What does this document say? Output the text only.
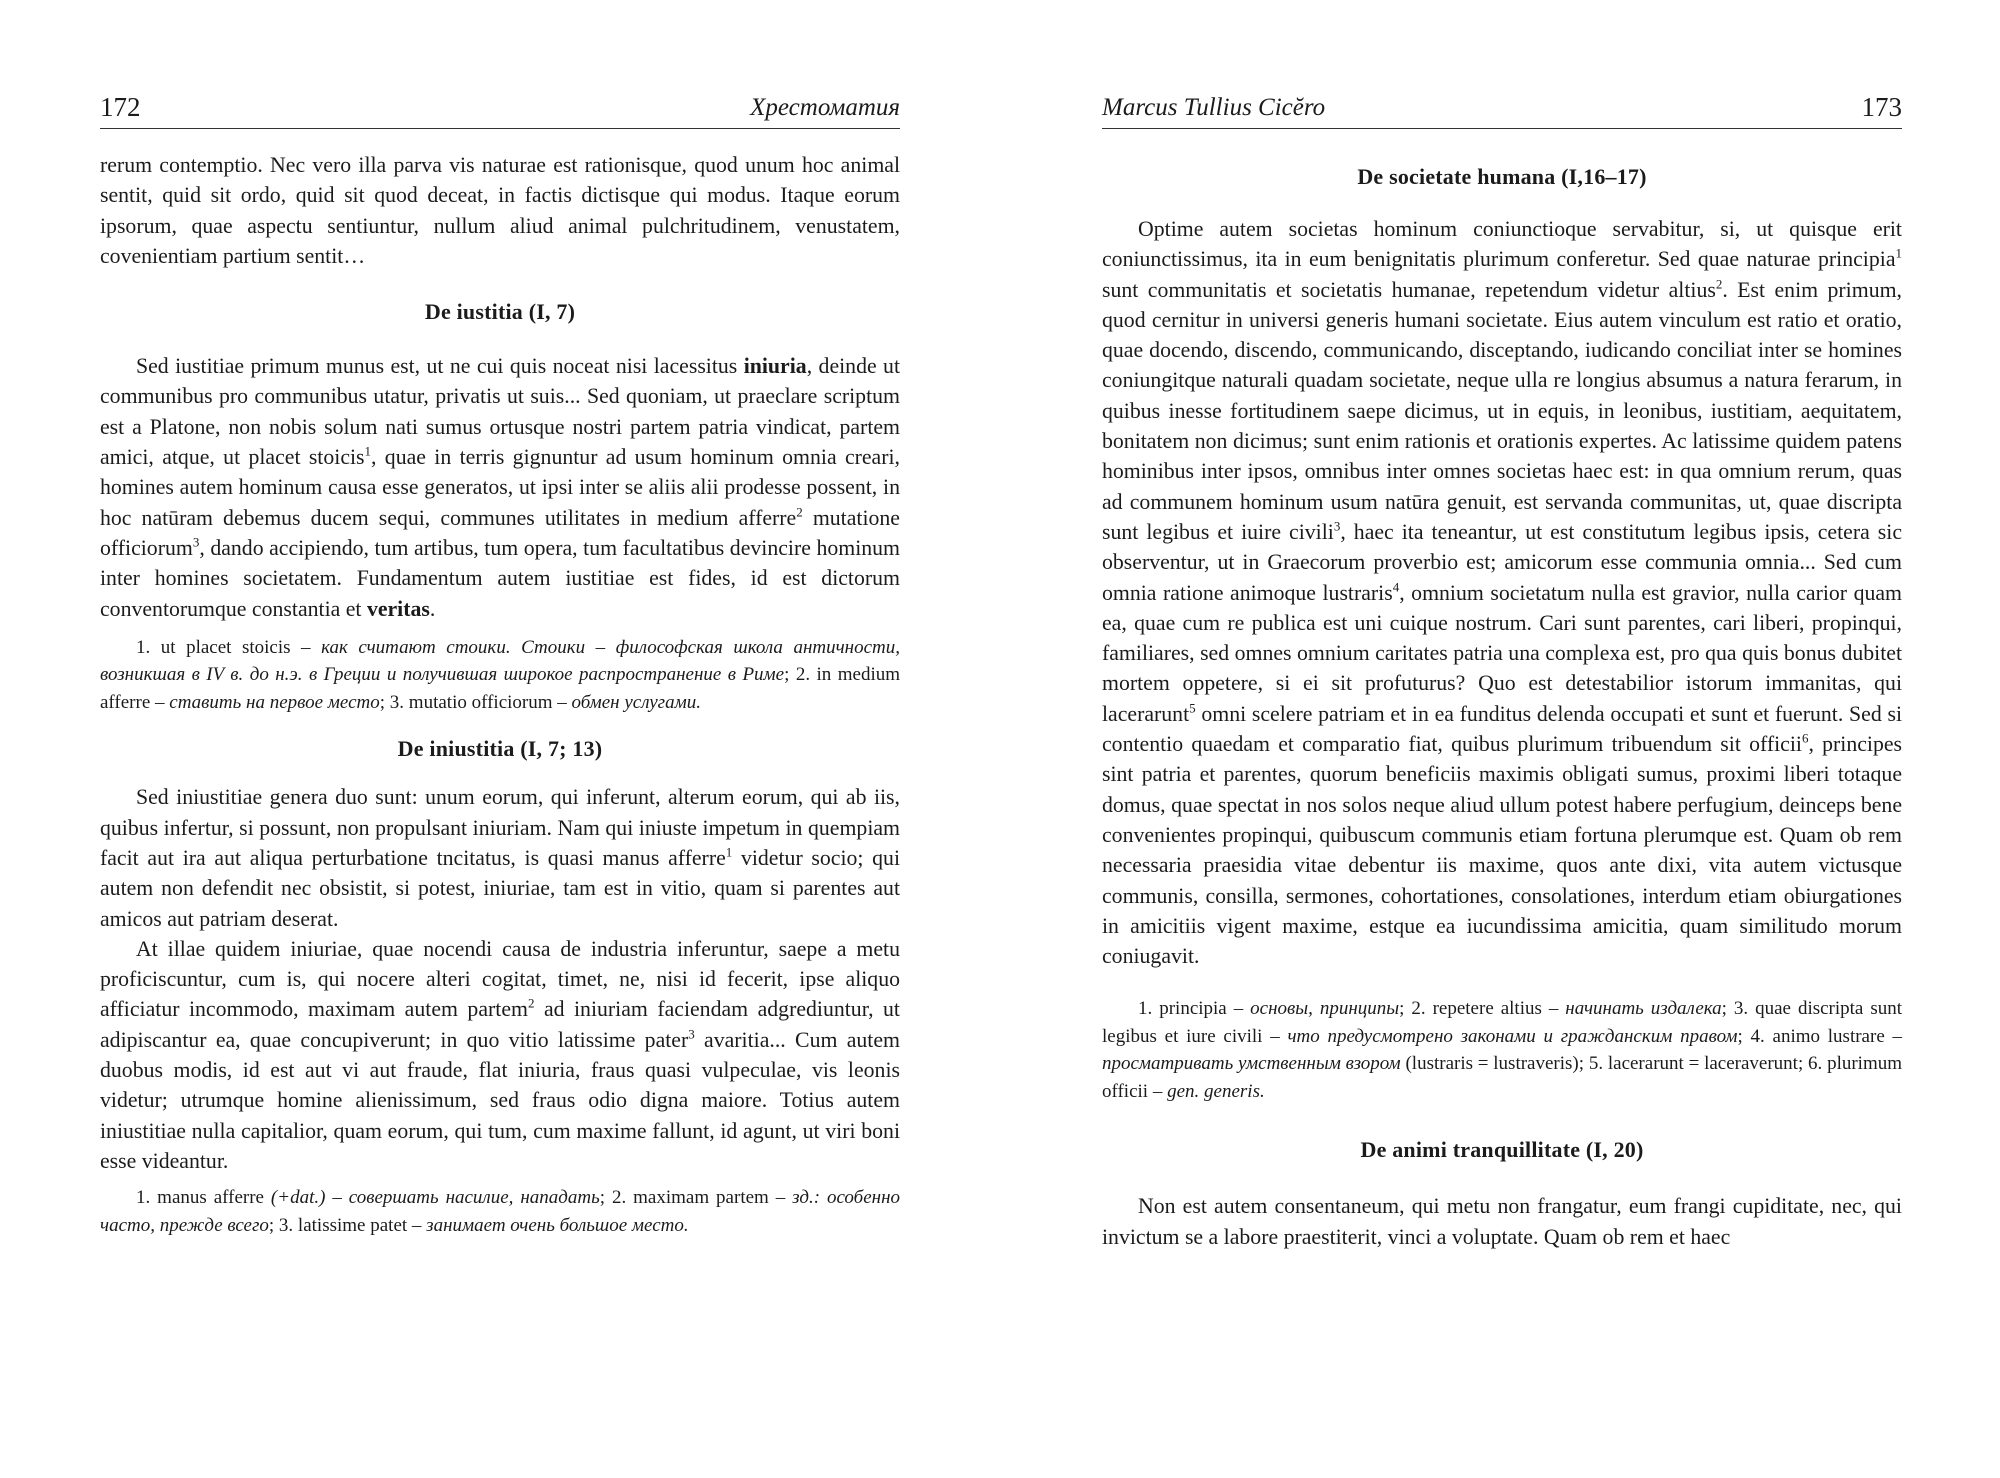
172	Хрестоматия

rerum contemptio. Nec vero illa parva vis naturae est rationisque, quod unum hoc animal sentit, quid sit ordo, quid sit quod deceat, in factis dictisque qui modus. Itaque eorum ipsorum, quae aspectu sentiuntur, nullum aliud animal pulchritudinem, venustatem, covenientiam partium sentit…

De iustitia (I, 7)

Sed iustitiae primum munus est, ut ne cui quis noceat nisi lacessitus iniuria, deinde ut communibus pro communibus utatur, privatis ut suis... Sed quoniam, ut praeclare scriptum est a Platone, non nobis solum nati sumus ortusque nostri partem patria vindicat, partem amici, atque, ut placet stoicis$^1$, quae in terris gignuntur ad usum hominum omnia creari, homines autem hominum causa esse generatos, ut ipsi inter se aliis alii prodesse possent, in hoc natūram debemus ducem sequi, communes utilitates in medium afferre$^2$ mutatione officiorum$^3$, dando accipiendo, tum artibus, tum opera, tum facultatibus devincire hominum inter homines societatem. Fundamentum autem iustitiae est fides, id est dictorum conventorumque constantia et veritas.

1. ut placet stoicis – как считают стоики. Стоики – философская школа античности, возникшая в IV в. до н.э. в Греции и получившая широкое распространение в Риме; 2. in medium afferre – ставить на первое место; 3. mutatio officiorum – обмен услугами.

De iniustitia (I, 7; 13)

Sed iniustitiae genera duo sunt: unum eorum, qui inferunt, alterum eorum, qui ab iis, quibus infertur, si possunt, non propulsant iniuriam. Nam qui iniuste impetum in quempiam facit aut ira aut aliqua perturbatione tncitatus, is quasi manus afferre$^1$ videtur socio; qui autem non defendit nec obsistit, si potest, iniuriae, tam est in vitio, quam si parentes aut amicos aut patriam deserat.

At illae quidem iniuriae, quae nocendi causa de industria inferuntur, saepe a metu proficiscuntur, cum is, qui nocere alteri cogitat, timet, ne, nisi id fecerit, ipse aliquo afficiatur incommodo, maximam autem partem$^2$ ad iniuriam faciendam adgrediuntur, ut adipiscantur ea, quae concupiverunt; in quo vitio latissime pater$^3$ avaritia... Cum autem duobus modis, id est aut vi aut fraude, flat iniuria, fraus quasi vulpeculae, vis leonis videtur; utrumque homine alienissimum, sed fraus odio digna maiore. Totius autem iniustitiae nulla capitalior, quam eorum, qui tum, cum maxime fallunt, id agunt, ut viri boni esse videantur.

1. manus afferre (+dat.) – совершать насилие, нападать; 2. maximam partem – зд.: особенно часто, прежде всего; 3. latissime patet – занимает очень большое место.

Marcus Tullius Cicĕro	173
De societate humana (I,16–17)

Optime autem societas hominum coniunctioque servabitur, si, ut quisque erit coniunctissimus, ita in eum benignitatis plurimum conferetur. Sed quae naturae principia$^1$ sunt communitatis et societatis humanae, repetendum videtur altius$^2$. Est enim primum, quod cernitur in universi generis humani societate. Eius autem vinculum est ratio et oratio, quae docendo, discendo, communicando, disceptando, iudicando conciliat inter se homines coniungitque naturali quadam societate, neque ulla re longius absumus a natura ferarum, in quibus inesse fortitudinem saepe dicimus, ut in equis, in leonibus, iustitiam, aequitatem, bonitatem non dicimus; sunt enim rationis et orationis expertes. Ac latissime quidem patens hominibus inter ipsos, omnibus inter omnes societas haec est: in qua omnium rerum, quas ad communem hominum usum natūra genuit, est servanda communitas, ut, quae discripta sunt legibus et iuire civili$^3$, haec ita teneantur, ut est constitutum legibus ipsis, cetera sic observentur, ut in Graecorum proverbio est; amicorum esse communia omnia... Sed cum omnia ratione animoque lustraris$^4$, omnium societatum nulla est gravior, nulla carior quam ea, quae cum re publica est uni cuique nostrum. Cari sunt parentes, cari liberi, propinqui, familiares, sed omnes omnium caritates patria una complexa est, pro qua quis bonus dubitet mortem oppetere, si ei sit profuturus? Quo est detestabilior istorum immanitas, qui lacerarunt$^5$ omni scelere patriam et in ea funditus delenda occupati et sunt et fuerunt. Sed si contentio quaedam et comparatio fiat, quibus plurimum tribuendum sit officii$^6$, principes sint patria et parentes, quorum beneficiis maximis obligati sumus, proximi liberi totaque domus, quae spectat in nos solos neque aliud ullum potest habere perfugium, deinceps bene convenientes propinqui, quibuscum communis etiam fortuna plerumque est. Quam ob rem necessaria praesidia vitae debentur iis maxime, quos ante dixi, vita autem victusque communis, consilla, sermones, cohortationes, consolationes, interdum etiam obiurgationes in amicitiis vigent maxime, estque ea iucundissima amicitia, quam similitudo morum coniugavit.

1. principia – основы, принципы; 2. repetere altius – начинать издалека; 3. quae discripta sunt legibus et iure civili – что предусмотрено законами и гражданским правом; 4. animo lustrare – просматривать умственным взором (lustraris = lustraveris); 5. lacerarunt = laceraverunt; 6. plurimum officii – gen. generis.

De animi tranquillitate (I, 20)

Non est autem consentaneum, qui metu non frangatur, eum frangi cupiditate, nec, qui invictum se a labore praestiterit, vinci a voluptate. Quam ob rem et haec
